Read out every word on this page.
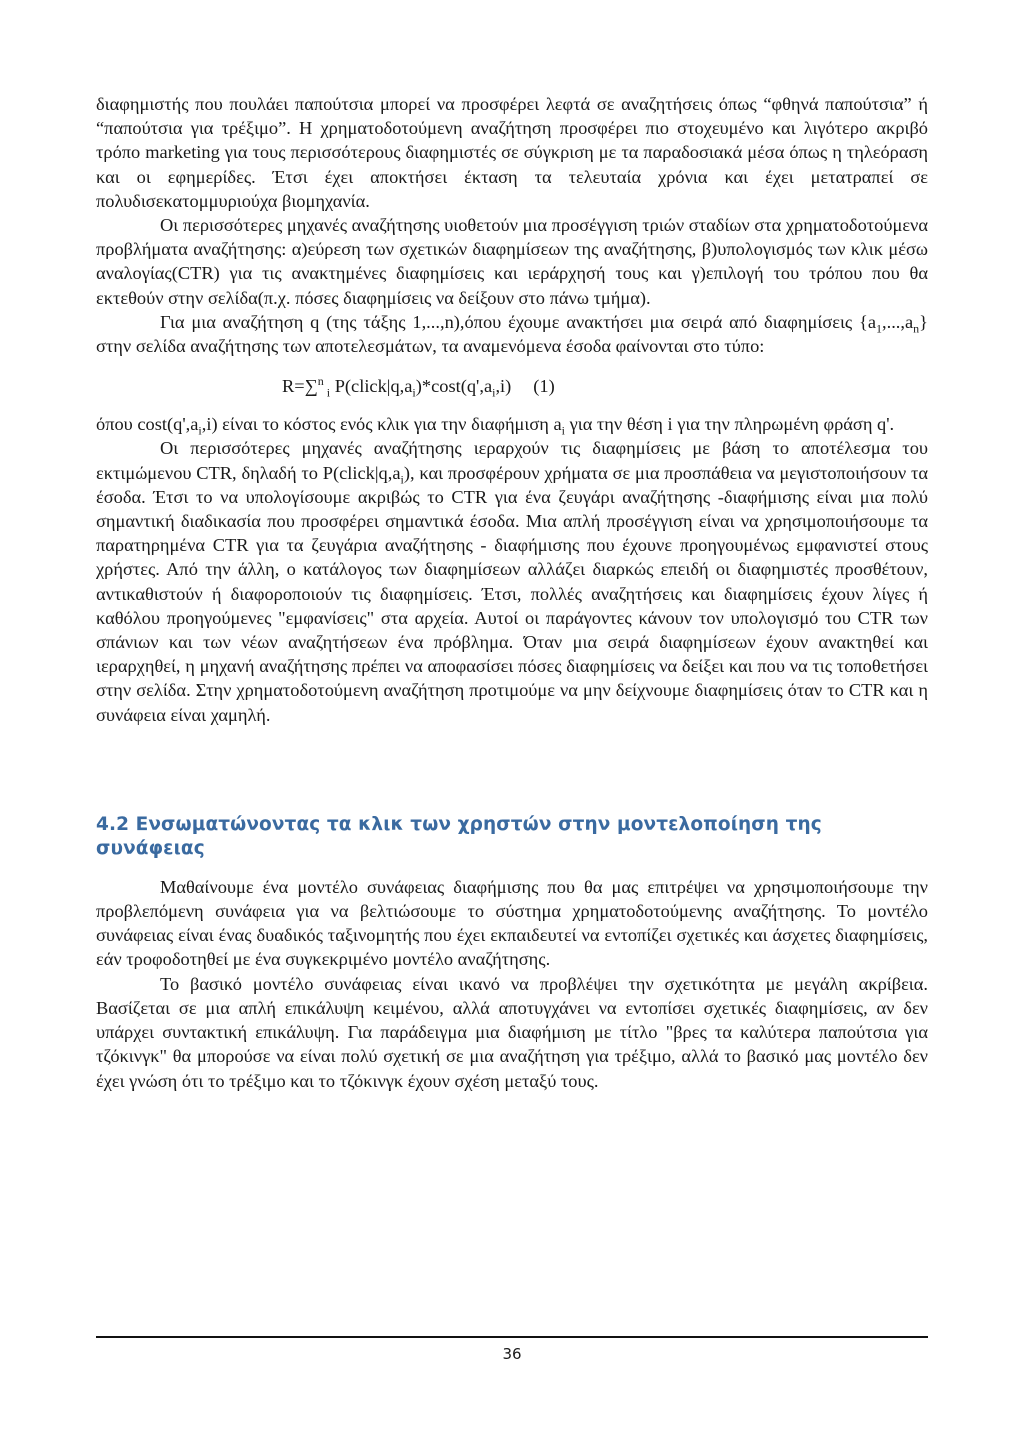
διαφημιστής που πουλάει παπούτσια μπορεί να προσφέρει λεφτά σε αναζητήσεις όπως “φθηνά παπούτσια” ή “παπούτσια για τρέξιμο”. Η χρηματοδοτούμενη αναζήτηση προσφέρει πιο στοχευμένο και λιγότερο ακριβό τρόπο marketing για τους περισσότερους διαφημιστές σε σύγκριση με τα παραδοσιακά μέσα όπως η τηλεόραση και οι εφημερίδες. Έτσι έχει αποκτήσει έκταση τα τελευταία χρόνια και έχει μετατραπεί σε πολυδισεκατομμυριούχα βιομηχανία.

Οι περισσότερες μηχανές αναζήτησης υιοθετούν μια προσέγγιση τριών σταδίων στα χρηματοδοτούμενα προβλήματα αναζήτησης: α)εύρεση των σχετικών διαφημίσεων της αναζήτησης, β)υπολογισμός των κλικ μέσω αναλογίας(CTR) για τις ανακτημένες διαφημίσεις και ιεράρχησή τους και γ)επιλογή του τρόπου που θα εκτεθούν στην σελίδα(π.χ. πόσες διαφημίσεις να δείξουν στο πάνω τμήμα).

Για μια αναζήτηση q (της τάξης 1,...,n),όπου έχουμε ανακτήσει μια σειρά από διαφημίσεις $\{a_1,...,a_n\}$ στην σελίδα αναζήτησης των αποτελεσμάτων, τα αναμενόμενα έσοδα φαίνονται στο τύπο:

R=∑$^n$ $_i$ $P(click|q,a_i)*\cos t(q',a_i,i)$ (1)

όπου $\cos t(q',a_i,i)$ είναι το κόστος ενός κλικ για την διαφήμιση $a_i$ για την θέση i για την πληρωμένη φράση q'.

Οι περισσότερες μηχανές αναζήτησης ιεραρχούν τις διαφημίσεις με βάση το αποτέλεσμα του εκτιμώμενου CTR, δηλαδή το $P(click|q,a_i)$, και προσφέρουν χρήματα σε μια προσπάθεια να μεγιστοποιήσουν τα έσοδα. Έτσι το να υπολογίσουμε ακριβώς το CTR για ένα ζευγάρι αναζήτησης -διαφήμισης είναι μια πολύ σημαντική διαδικασία που προσφέρει σημαντικά έσοδα. Μια απλή προσέγγιση είναι να χρησιμοποιήσουμε τα παρατηρημένα CTR για τα ζευγάρια αναζήτησης - διαφήμισης που έχουνε προηγουμένως εμφανιστεί στους χρήστες. Από την άλλη, ο κατάλογος των διαφημίσεων αλλάζει διαρκώς επειδή οι διαφημιστές προσθέτουν, αντικαθιστούν ή διαφοροποιούν τις διαφημίσεις. Έτσι, πολλές αναζητήσεις και διαφημίσεις έχουν λίγες ή καθόλου προηγούμενες "εμφανίσεις" στα αρχεία. Αυτοί οι παράγοντες κάνουν τον υπολογισμό του CTR των σπάνιων και των νέων αναζητήσεων ένα πρόβλημα. Όταν μια σειρά διαφημίσεων έχουν ανακτηθεί και ιεραρχηθεί, η μηχανή αναζήτησης πρέπει να αποφασίσει πόσες διαφημίσεις να δείξει και που να τις τοποθετήσει στην σελίδα. Στην χρηματοδοτούμενη αναζήτηση προτιμούμε να μην δείχνουμε διαφημίσεις όταν το CTR και η συνάφεια είναι χαμηλή.

4.2 Ενσωματώνοντας τα κλικ των χρηστών στην μοντελοποίηση της συνάφειας

Μαθαίνουμε ένα μοντέλο συνάφειας διαφήμισης που θα μας επιτρέψει να χρησιμοποιήσουμε την προβλεπόμενη συνάφεια για να βελτιώσουμε το σύστημα χρηματοδοτούμενης αναζήτησης. Το μοντέλο συνάφειας είναι ένας δυαδικός ταξινομητής που έχει εκπαιδευτεί να εντοπίζει σχετικές και άσχετες διαφημίσεις, εάν τροφοδοτηθεί με ένα συγκεκριμένο μοντέλο αναζήτησης.

Το βασικό μοντέλο συνάφειας είναι ικανό να προβλέψει την σχετικότητα με μεγάλη ακρίβεια. Βασίζεται σε μια απλή επικάλυψη κειμένου, αλλά αποτυγχάνει να εντοπίσει σχετικές διαφημίσεις, αν δεν υπάρχει συντακτική επικάλυψη. Για παράδειγμα μια διαφήμιση με τίτλο "βρες τα καλύτερα παπούτσια για τζόκινγκ" θα μπορούσε να είναι πολύ σχετική σε μια αναζήτηση για τρέξιμο, αλλά το βασικό μας μοντέλο δεν έχει γνώση ότι το τρέξιμο και το τζόκινγκ έχουν σχέση μεταξύ τους.

36
